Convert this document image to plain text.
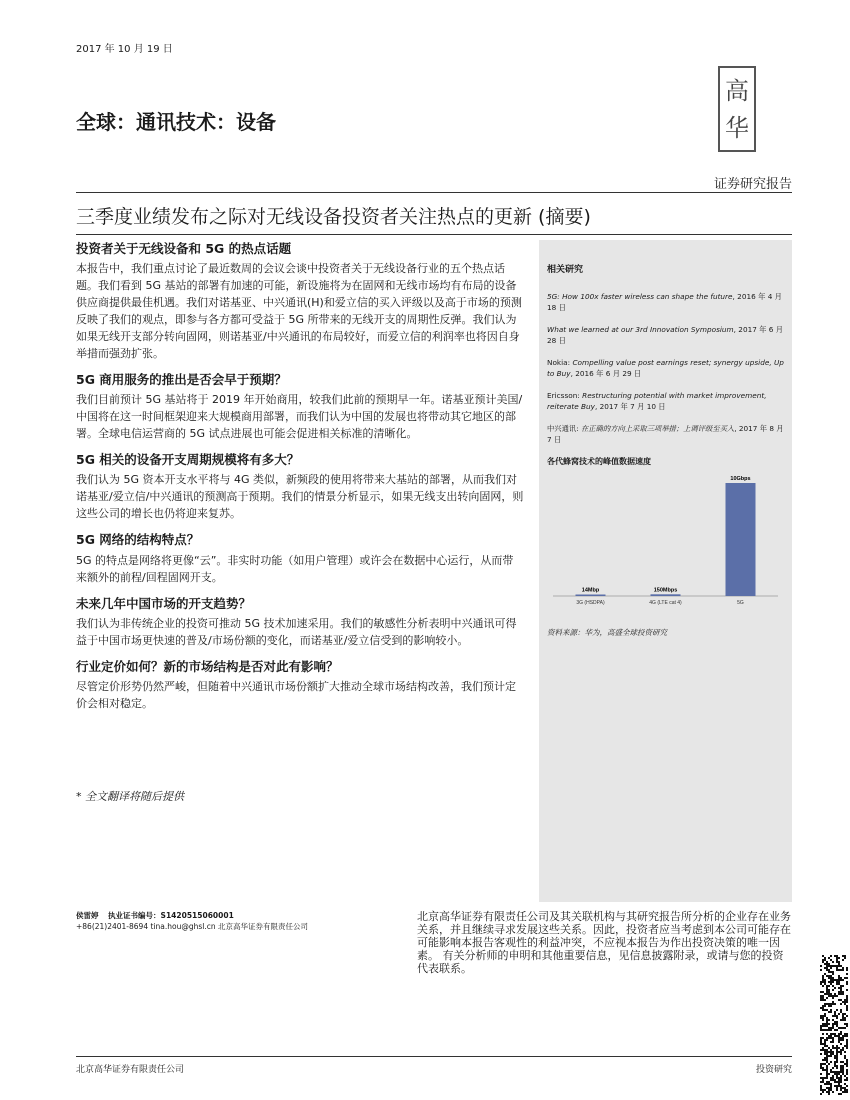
2017 年 10 月 19 日
高
华
全球：通讯技术：设备
证券研究报告
三季度业绩发布之际对无线设备投资者关注热点的更新 (摘要)
投资者关于无线设备和 5G 的热点话题

本报告中，我们重点讨论了最近数周的会议会谈中投资者关于无线设备行业的五个热点话题。我们看到 5G 基站的部署有加速的可能，新设施将为在固网和无线市场均有布局的设备供应商提供最佳机遇。我们对诺基亚、中兴通讯(H)和爱立信的买入评级以及高于市场的预测反映了我们的观点，即参与各方都可受益于 5G 所带来的无线开支的周期性反弹。我们认为如果无线开支部分转向固网，则诺基亚/中兴通讯的布局较好，而爱立信的利润率也将因自身举措而强劲扩张。

5G 商用服务的推出是否会早于预期？

我们目前预计 5G 基站将于 2019 年开始商用，较我们此前的预期早一年。诺基亚预计美国/中国将在这一时间框架迎来大规模商用部署，而我们认为中国的发展也将带动其它地区的部署。全球电信运营商的 5G 试点进展也可能会促进相关标准的清晰化。

5G 相关的设备开支周期规模将有多大？

我们认为 5G 资本开支水平将与 4G 类似，新频段的使用将带来大基站的部署，从而我们对诺基亚/爱立信/中兴通讯的预测高于预期。我们的情景分析显示，如果无线支出转向固网，则这些公司的增长也仍将迎来复苏。

5G 网络的结构特点？

5G 的特点是网络将更像“云”。非实时功能（如用户管理）或许会在数据中心运行，从而带来额外的前程/回程固网开支。

未来几年中国市场的开支趋势？

我们认为非传统企业的投资可推动 5G 技术加速采用。我们的敏感性分析表明中兴通讯可得益于中国市场更快速的普及/市场份额的变化，而诺基亚/爱立信受到的影响较小。

行业定价如何？新的市场结构是否对此有影响？

尽管定价形势仍然严峻，但随着中兴通讯市场份额扩大推动全球市场结构改善，我们预计定价会相对稳定。

* 全文翻译将随后提供
相关研究
5G: How 100x faster wireless can shape the future, 2016 年 4 月 18 日
What we learned at our 3rd Innovation Symposium, 2017 年 6 月 28 日
Nokia: Compelling value post earnings reset; synergy upside, Up to Buy, 2016 年 6 月 29 日
Ericsson: Restructuring potential with market improvement, reiterate Buy, 2017 年 7 月 10 日
中兴通讯: 在正确的方向上采取三项举措；上调评级至买入, 2017 年 8 月 7 日
各代蜂窝技术的峰值数据速度
14Mbp
3G (HSDPA)
150Mbps
4G (LTE cat 4)
10Gbps
5G
资料来源：华为，高盛全球投资研究
侯雷婷 执业证书编号：S1420515060001
+86(21)2401-8694 tina.hou@ghsl.cn 北京高华证券有限责任公司
北京高华证券有限责任公司及其关联机构与其研究报告所分析的企业存在业务关系，并且继续寻求发展这些关系。因此，投资者应当考虑到本公司可能存在可能影响本报告客观性的利益冲突，不应视本报告为作出投资决策的唯一因素。 有关分析师的申明和其他重要信息，见信息披露附录，或请与您的投资代表联系。
北京高华证券有限责任公司	投资研究
